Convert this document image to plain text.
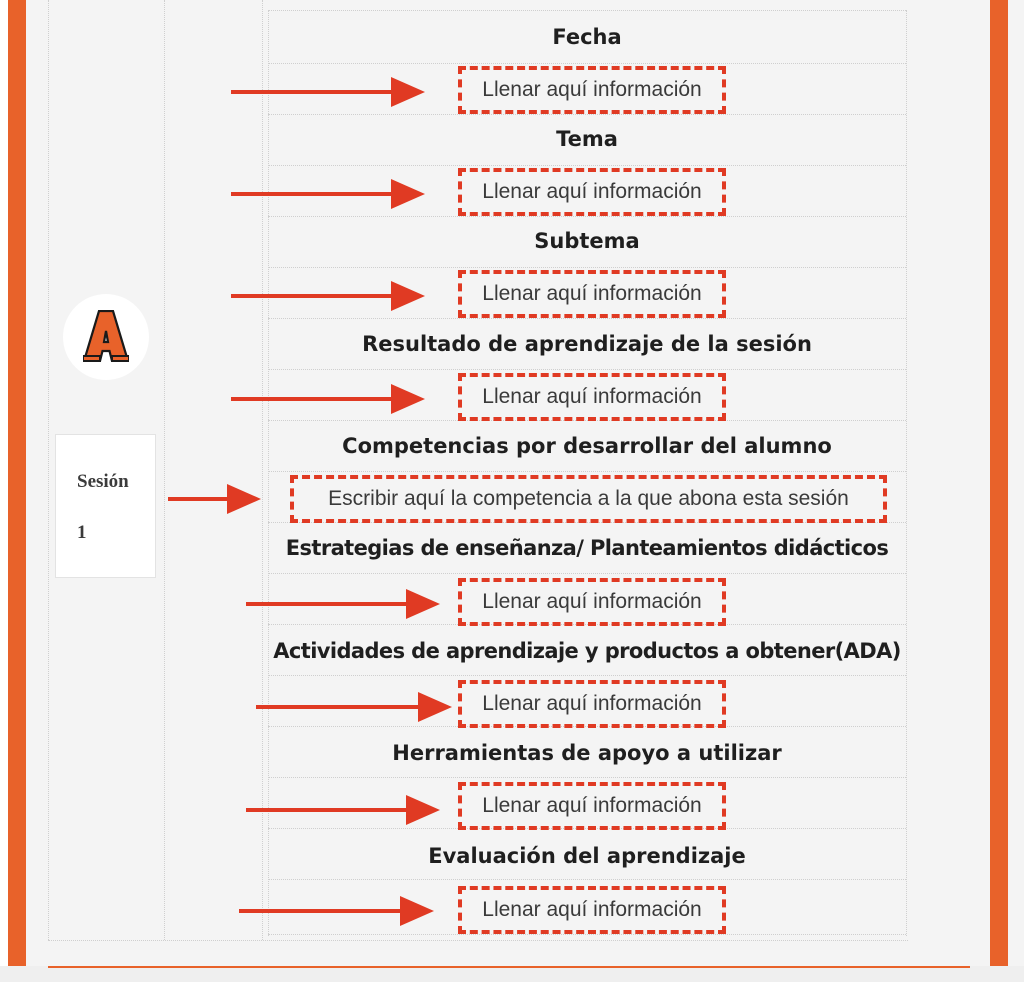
Sesión
1
Fecha
Tema
Subtema
Resultado de aprendizaje de la sesión
Competencias por desarrollar del alumno
Estrategias de enseñanza/ Planteamientos didácticos
Actividades de aprendizaje y productos a obtener(ADA)
Herramientas de apoyo a utilizar
Evaluación del aprendizaje
Llenar aquí información
Llenar aquí información
Llenar aquí información
Llenar aquí información
Escribir aquí la competencia a la que abona esta sesión
Llenar aquí información
Llenar aquí información
Llenar aquí información
Llenar aquí información
